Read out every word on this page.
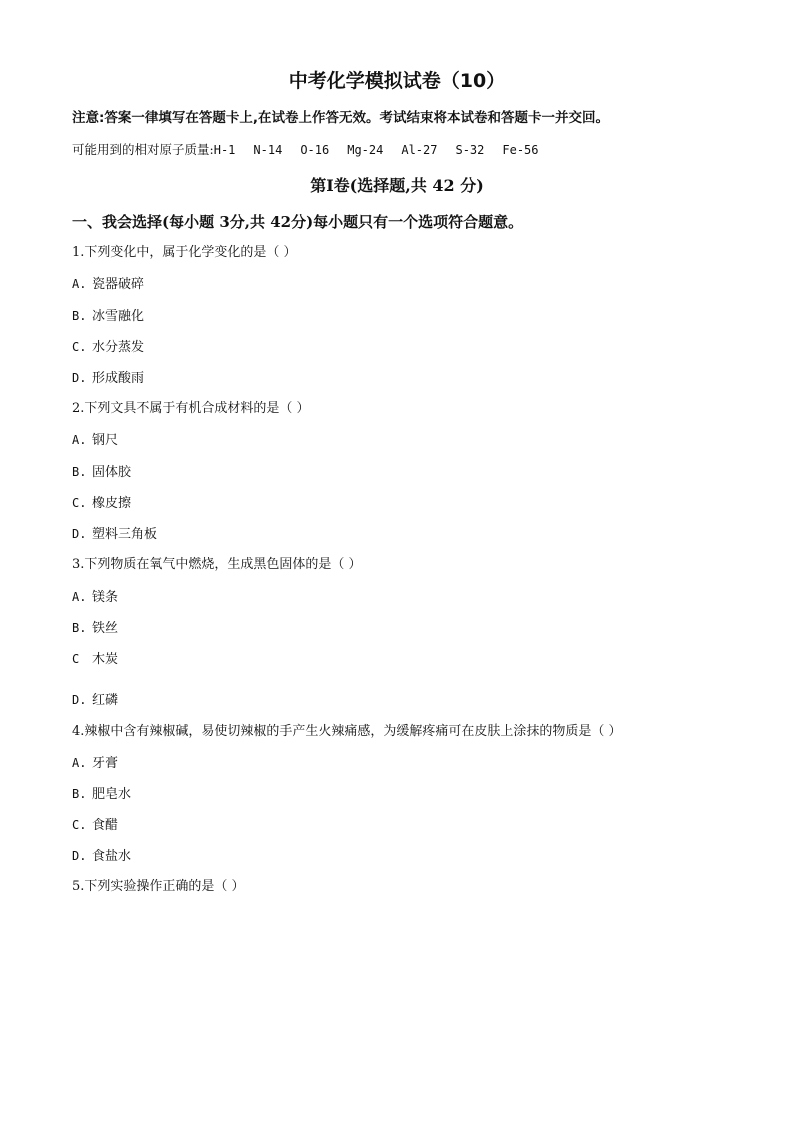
中考化学模拟试卷（10）
注意:答案一律填写在答题卡上,在试卷上作答无效。考试结束将本试卷和答题卡一并交回。
可能用到的相对原子质量:H-1 N-14 O-16 Mg-24 Al-27 S-32 Fe-56
第Ⅰ卷(选择题,共 42 分)
一、我会选择(每小题 3分,共 42分)每小题只有一个选项符合题意。
1.下列变化中，属于化学变化的是（ ）
A. 瓷器破碎
B. 冰雪融化
C. 水分蒸发
D. 形成酸雨
2.下列文具不属于有机合成材料的是（ ）
A. 钢尺
B. 固体胶
C. 橡皮擦
D. 塑料三角板
3.下列物质在氧气中燃烧，生成黑色固体的是（ ）
A. 镁条
B. 铁丝
C 木炭
D. 红磷
4.辣椒中含有辣椒碱，易使切辣椒的手产生火辣痛感，为缓解疼痛可在皮肤上涂抹的物质是（ ）
A. 牙膏
B. 肥皂水
C. 食醋
D. 食盐水
5.下列实验操作正确的是（ ）
